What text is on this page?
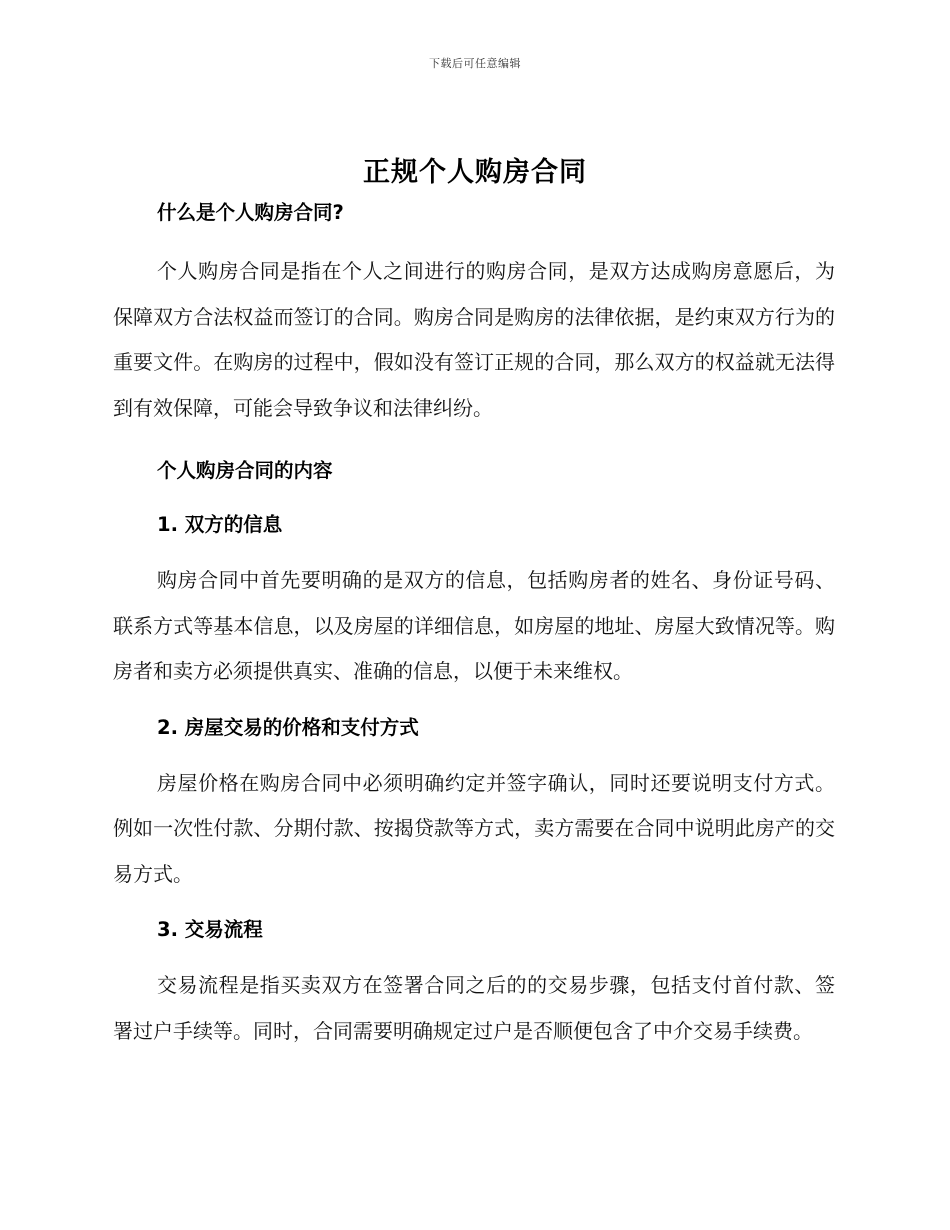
下载后可任意编辑
正规个人购房合同

什么是个人购房合同?

个人购房合同是指在个人之间进行的购房合同，是双方达成购房意愿后，为保障双方合法权益而签订的合同。购房合同是购房的法律依据，是约束双方行为的重要文件。在购房的过程中，假如没有签订正规的合同，那么双方的权益就无法得到有效保障，可能会导致争议和法律纠纷。

个人购房合同的内容

1. 双方的信息

购房合同中首先要明确的是双方的信息，包括购房者的姓名、身份证号码、联系方式等基本信息，以及房屋的详细信息，如房屋的地址、房屋大致情况等。购房者和卖方必须提供真实、准确的信息，以便于未来维权。

2. 房屋交易的价格和支付方式

房屋价格在购房合同中必须明确约定并签字确认，同时还要说明支付方式。例如一次性付款、分期付款、按揭贷款等方式，卖方需要在合同中说明此房产的交易方式。

3. 交易流程

交易流程是指买卖双方在签署合同之后的的交易步骤，包括支付首付款、签署过户手续等。同时，合同需要明确规定过户是否顺便包含了中介交易手续费。
